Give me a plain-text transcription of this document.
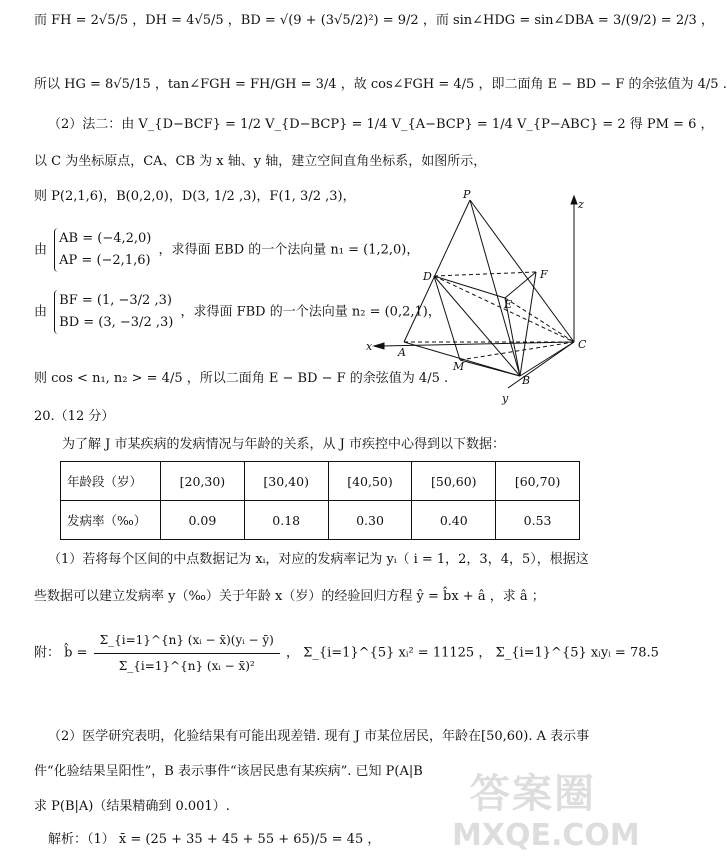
而 FH = 2√5/5 ，DH = 4√5/5 ，BD = √(9 + (3√5/2)²) = 9/2 ，而 sin∠HDG = sin∠DBA = 3/(9/2) = 2/3 ，
所以 HG = 8√5/15 ，tan∠FGH = FH/GH = 3/4 ，故 cos∠FGH = 4/5 ，即二面角 E − BD − F 的余弦值为 4/5 .
（2）法二：由 V_{D−BCF} = 1/2 V_{D−BCP} = 1/4 V_{A−BCP} = 1/4 V_{P−ABC} = 2 得 PM = 6 ，
以 C 为坐标原点，CA、CB 为 x 轴、y 轴，建立空间直角坐标系，如图所示，
则 P(2,1,6)，B(0,2,0)，D(3, 1/2 ,3)，F(1, 3/2 ,3)，
由
AB = (−4,2,0)
AP = (−2,1,6)
，求得面 EBD 的一个法向量 n₁ = (1,2,0)，
由
BF = (1, −3/2 ,3)
BD = (3, −3/2 ,3)
，求得面 FBD 的一个法向量 n₂ = (0,2,1)，
则 cos < n₁, n₂ > = 4/5 ，所以二面角 E − BD − F 的余弦值为 4/5 .
P
D	F
E
A
C
M
B
x
y
z
20.（12 分）
为了解 J 市某疾病的发病情况与年龄的关系，从 J 市疾控中心得到以下数据：
年龄段（岁）	[20,30)	[30,40)	[40,50)	[50,60)	[60,70)
发病率（‰）	0.09	0.18	0.30	0.40	0.53
（1）若将每个区间的中点数据记为 xᵢ，对应的发病率记为 yᵢ（ i = 1，2，3，4，5），根据这
些数据可以建立发病率 y（‰）关于年龄 x（岁）的经验回归方程 ŷ = b̂x + â ，求 â ；
附： b̂ = $\frac{\text{Σ\_\{i=1\}\textasciicircum{}\{n\} (xᵢ − x̄)(yᵢ − ȳ)}}{\text{Σ\_\{i=1\}\textasciicircum{}\{n\} (xᵢ − x̄)²}}$ ， Σ_{i=1}^{5} xᵢ² = 11125 ， Σ_{i=1}^{5} xᵢyᵢ = 78.5
（2）医学研究表明，化验结果有可能出现差错. 现有 J 市某位居民，年龄在[50,60). A 表示事
件“化验结果呈阳性”，B 表示事件“该居民患有某疾病”. 已知 P(A|B
求 P(B|A)（结果精确到 0.001）.
解析：（1） x̄ = (25 + 35 + 45 + 55 + 65)/5 = 45 ，
答案圈
MXQE.COM
